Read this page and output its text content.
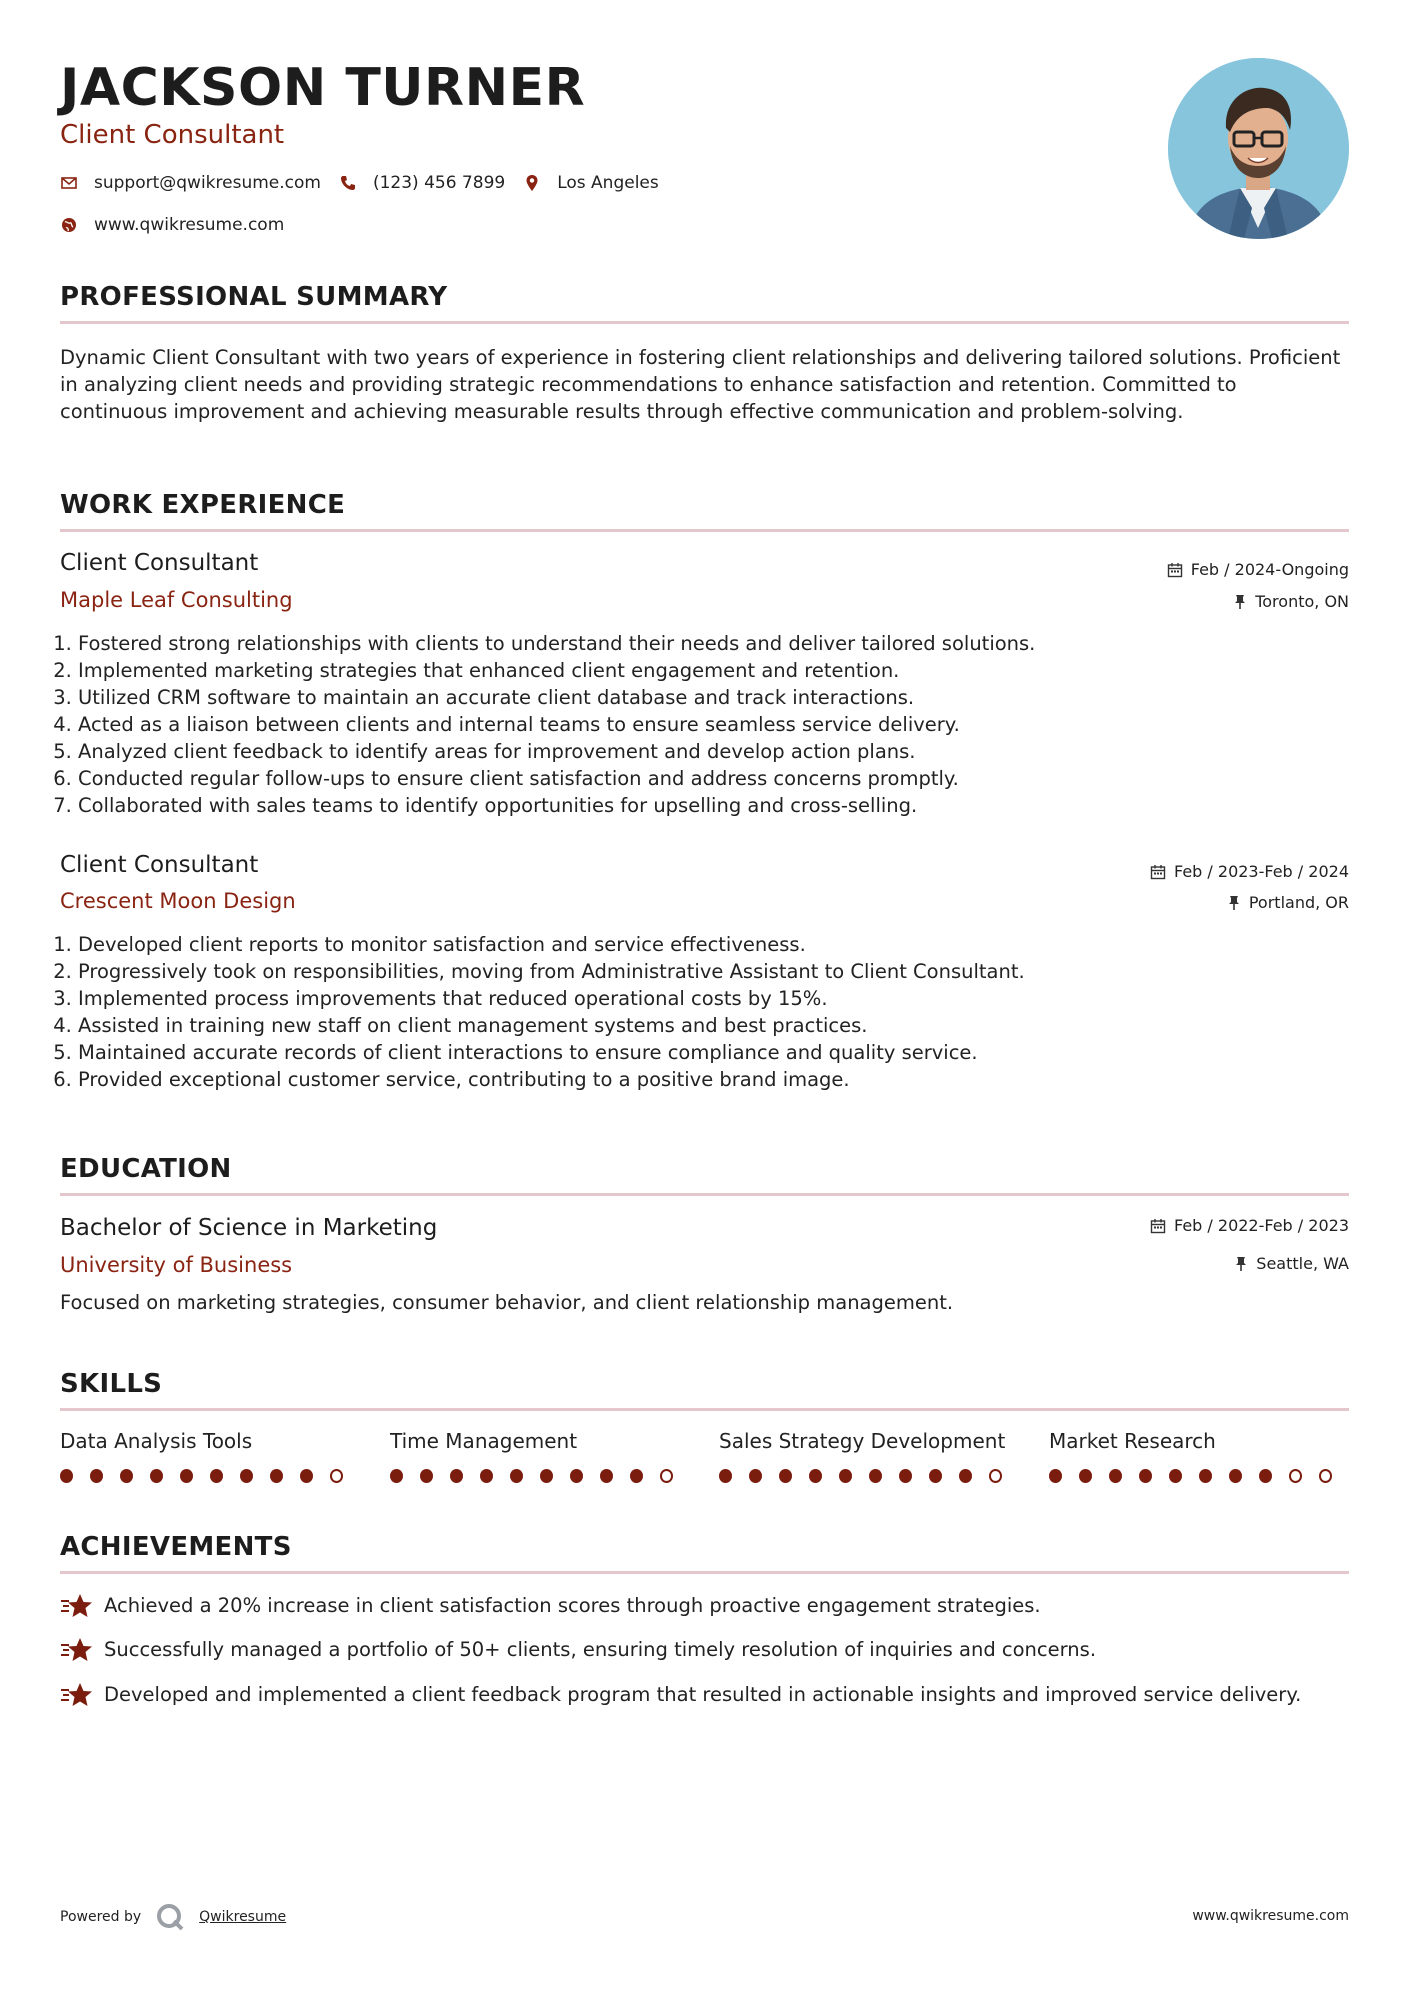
JACKSON TURNER
Client Consultant
support@qwikresume.com	(123) 456 7899	Los Angeles
www.qwikresume.com
PROFESSIONAL SUMMARY
Dynamic Client Consultant with two years of experience in fostering client relationships and delivering tailored solutions. Proficient in analyzing client needs and providing strategic recommendations to enhance satisfaction and retention. Committed to continuous improvement and achieving measurable results through effective communication and problem-solving.
WORK EXPERIENCE
Client Consultant
Maple Leaf Consulting
Feb / 2024-Ongoing
Toronto, ON
1. Fostered strong relationships with clients to understand their needs and deliver tailored solutions.
2. Implemented marketing strategies that enhanced client engagement and retention.
3. Utilized CRM software to maintain an accurate client database and track interactions.
4. Acted as a liaison between clients and internal teams to ensure seamless service delivery.
5. Analyzed client feedback to identify areas for improvement and develop action plans.
6. Conducted regular follow-ups to ensure client satisfaction and address concerns promptly.
7. Collaborated with sales teams to identify opportunities for upselling and cross-selling.
Client Consultant
Crescent Moon Design
Feb / 2023-Feb / 2024
Portland, OR
1. Developed client reports to monitor satisfaction and service effectiveness.
2. Progressively took on responsibilities, moving from Administrative Assistant to Client Consultant.
3. Implemented process improvements that reduced operational costs by 15%.
4. Assisted in training new staff on client management systems and best practices.
5. Maintained accurate records of client interactions to ensure compliance and quality service.
6. Provided exceptional customer service, contributing to a positive brand image.
EDUCATION
Bachelor of Science in Marketing
University of Business
Feb / 2022-Feb / 2023
Seattle, WA
Focused on marketing strategies, consumer behavior, and client relationship management.
SKILLS
Data Analysis Tools	Time Management	Sales Strategy Development	Market Research
ACHIEVEMENTS
Achieved a 20% increase in client satisfaction scores through proactive engagement strategies.
Successfully managed a portfolio of 50+ clients, ensuring timely resolution of inquiries and concerns.
Developed and implemented a client feedback program that resulted in actionable insights and improved service delivery.
Powered by	Qwikresume	www.qwikresume.com
